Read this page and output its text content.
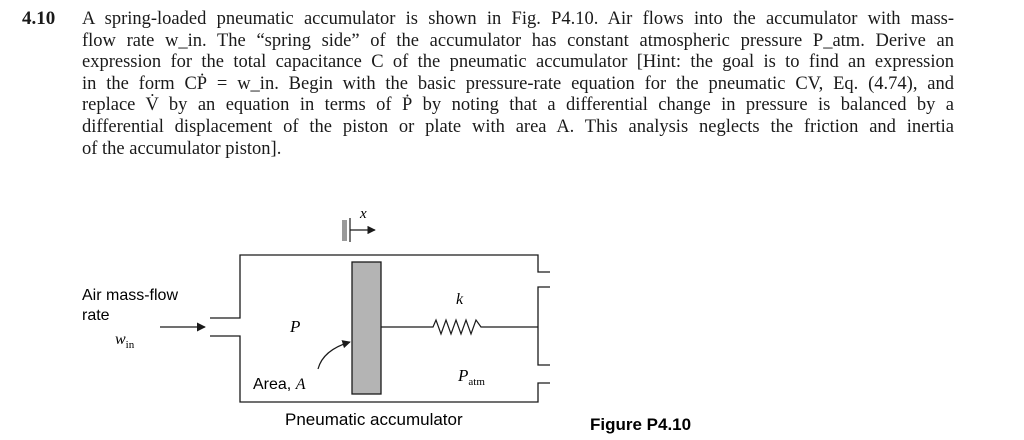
4.10 A spring-loaded pneumatic accumulator is shown in Fig. P4.10. Air flows into the accumulator with mass-
flow rate w_in. The “spring side” of the accumulator has constant atmospheric pressure P_atm. Derive an
expression for the total capacitance C of the pneumatic accumulator [Hint: the goal is to find an expression
in the form CṖ = w_in. Begin with the basic pressure-rate equation for the pneumatic CV, Eq. (4.74), and
replace V̇ by an equation in terms of Ṗ by noting that a differential change in pressure is balanced by a
differential displacement of the piston or plate with area A. This analysis neglects the friction and inertia
of the accumulator piston].
x
Air mass-flow
rate
$w_{in}$
P
Area, A
k
$P_{atm}$
Pneumatic accumulator	Figure P4.10
